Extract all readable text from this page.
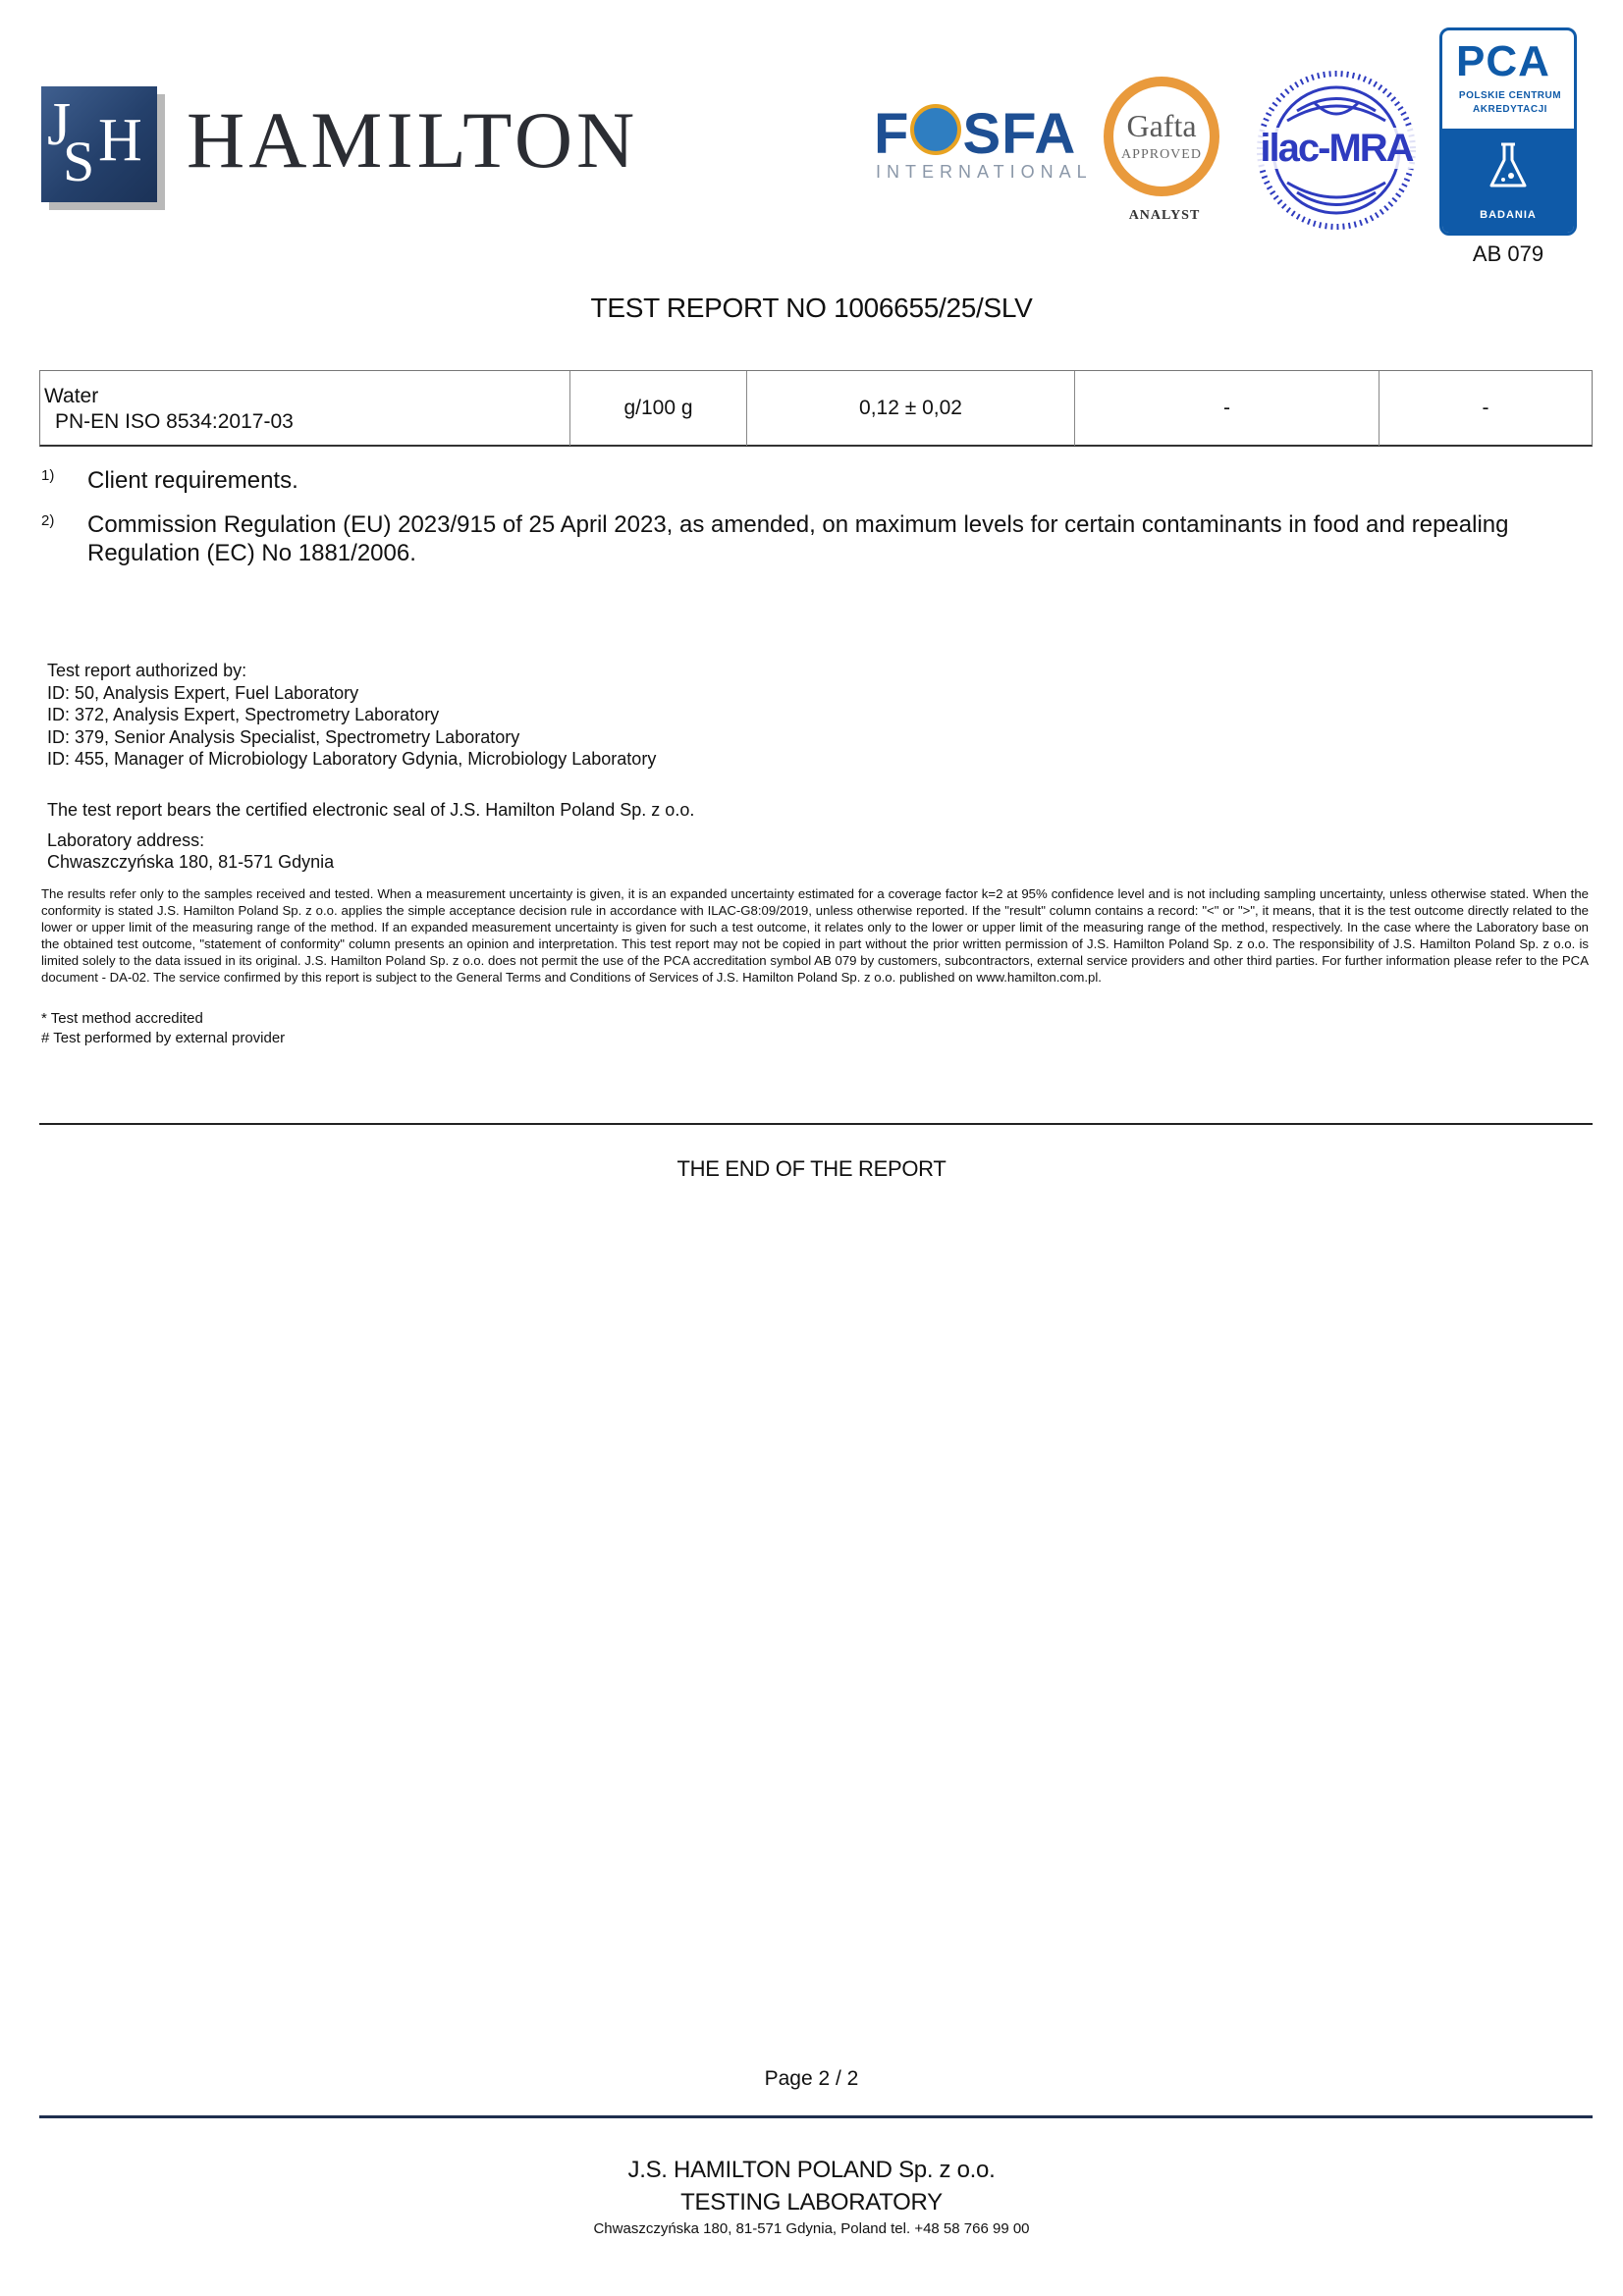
J
S H HAMILTON	F SFA
INTERNATIONAL
Gafta
APPROVED
ANALYST
ilac-MRA
PCA
POLSKIE CENTRUM
AKREDYTACJI
BADANIA
AB 079
TEST REPORT NO 1006655/25/SLV
Water
PN-EN ISO 8534:2017-03
g/100 g	0,12 ± 0,02	-	-
1) Client requirements.
2) Commission Regulation (EU) 2023/915 of 25 April 2023, as amended, on maximum levels for certain contaminants in food and repealing Regulation (EC) No 1881/2006.
Test report authorized by:
ID: 50, Analysis Expert, Fuel Laboratory
ID: 372, Analysis Expert, Spectrometry Laboratory
ID: 379, Senior Analysis Specialist, Spectrometry Laboratory
ID: 455, Manager of Microbiology Laboratory Gdynia, Microbiology Laboratory
The test report bears the certified electronic seal of J.S. Hamilton Poland Sp. z o.o.
Laboratory address:
Chwaszczyńska 180, 81-571 Gdynia
The results refer only to the samples received and tested. When a measurement uncertainty is given, it is an expanded uncertainty estimated for a coverage factor k=2 at 95% confidence level and is not including sampling uncertainty, unless otherwise stated. When the conformity is stated J.S. Hamilton Poland Sp. z o.o. applies the simple acceptance decision rule in accordance with ILAC-G8:09/2019, unless otherwise reported. If the "result" column contains a record: "<" or ">", it means, that it is the test outcome directly related to the lower or upper limit of the measuring range of the method. If an expanded measurement uncertainty is given for such a test outcome, it relates only to the lower or upper limit of the measuring range of the method, respectively. In the case where the Laboratory base on the obtained test outcome, "statement of conformity" column presents an opinion and interpretation. This test report may not be copied in part without the prior written permission of J.S. Hamilton Poland Sp. z o.o. The responsibility of J.S. Hamilton Poland Sp. z o.o. is limited solely to the data issued in its original. J.S. Hamilton Poland Sp. z o.o. does not permit the use of the PCA accreditation symbol AB 079 by customers, subcontractors, external service providers and other third parties. For further information please refer to the PCA document - DA-02. The service confirmed by this report is subject to the General Terms and Conditions of Services of J.S. Hamilton Poland Sp. z o.o. published on www.hamilton.com.pl.
* Test method accredited
# Test performed by external provider
THE END OF THE REPORT
Page 2 / 2
J.S. HAMILTON POLAND Sp. z o.o.
TESTING LABORATORY
Chwaszczyńska 180, 81-571 Gdynia, Poland tel. +48 58 766 99 00
